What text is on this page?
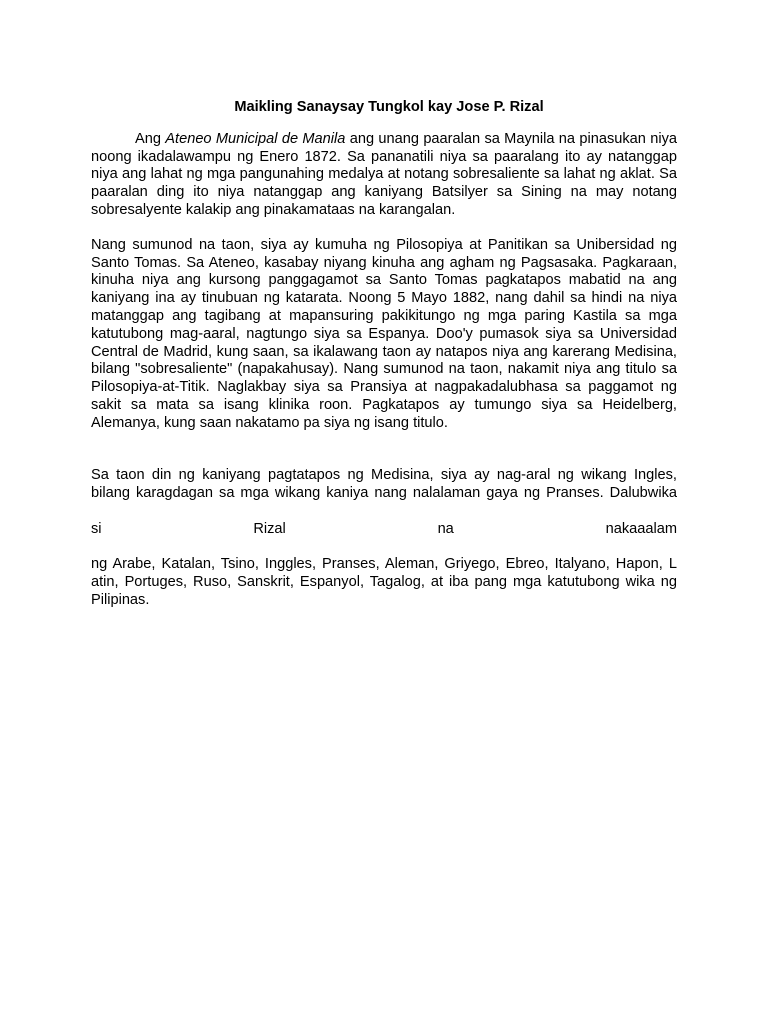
Maikling Sanaysay Tungkol kay Jose P. Rizal

Ang Ateneo Municipal de Manila ang unang paaralan sa Maynila na pinasukan niya noong ikadalawampu ng Enero 1872. Sa pananatili niya sa paaralang ito ay natanggap niya ang lahat ng mga pangunahing medalya at notang sobresaliente sa lahat ng aklat. Sa paaralan ding ito niya natanggap ang kaniyang Batsilyer sa Sining na may notang sobresalyente kalakip ang pinakamataas na karangalan.

Nang sumunod na taon, siya ay kumuha ng Pilosopiya at Panitikan sa Unibersidad ng Santo Tomas. Sa Ateneo, kasabay niyang kinuha ang agham ng Pagsasaka. Pagkaraan, kinuha niya ang kursong panggagamot sa Santo Tomas pagkatapos mabatid na ang kaniyang ina ay tinubuan ng katarata. Noong 5 Mayo 1882, nang dahil sa hindi na niya matanggap ang tagibang at mapansuring pakikitungo ng mga paring Kastila sa mga katutubong mag-aaral, nagtungo siya sa Espanya. Doo'y pumasok siya sa Universidad Central de Madrid, kung saan, sa ikalawang taon ay natapos niya ang karerang Medisina, bilang "sobresaliente" (napakahusay). Nang sumunod na taon, nakamit niya ang titulo sa Pilosopiya-at-Titik. Naglakbay siya sa Pransiya at nagpakadalubhasa sa paggamot ng sakit sa mata sa isang klinika roon. Pagkatapos ay tumungo siya sa Heidelberg, Alemanya, kung saan nakatamo pa siya ng isang titulo.

Sa taon din ng kaniyang pagtatapos ng Medisina, siya ay nag-aral ng wikang Ingles, bilang karagdagan sa mga wikang kaniya nang nalalaman gaya ng Pranses. Dalubwika

si Rizal na nakaaalam

ng Arabe, Katalan, Tsino, Inggles, Pranses, Aleman, Griyego, Ebreo, Italyano, Hapon, L atin, Portuges, Ruso, Sanskrit, Espanyol, Tagalog, at iba pang mga katutubong wika ng Pilipinas.
